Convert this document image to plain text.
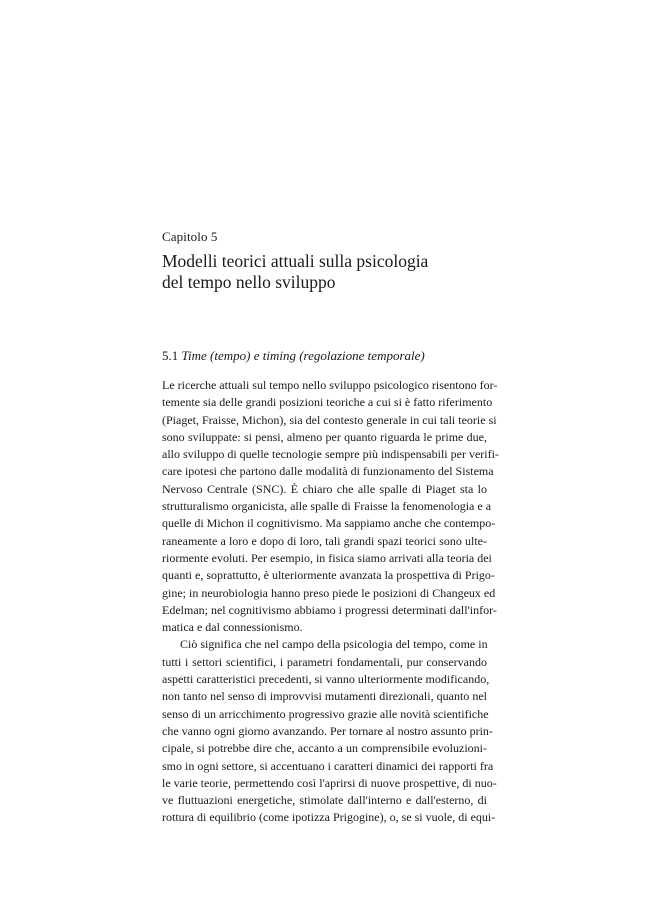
Capitolo 5
Modelli teorici attuali sulla psicologia
del tempo nello sviluppo
5.1 Time (tempo) e timing (regolazione temporale)
Le ricerche attuali sul tempo nello sviluppo psicologico risentono for-
temente sia delle grandi posizioni teoriche a cui si è fatto riferimento
(Piaget, Fraisse, Michon), sia del contesto generale in cui tali teorie si
sono sviluppate: si pensi, almeno per quanto riguarda le prime due,
allo sviluppo di quelle tecnologie sempre più indispensabili per verifi-
care ipotesi che partono dalle modalità di funzionamento del Sistema
Nervoso Centrale (SNC). È chiaro che alle spalle di Piaget sta lo
strutturalismo organicista, alle spalle di Fraisse la fenomenologia e a
quelle di Michon il cognitivismo. Ma sappiamo anche che contempo-
raneamente a loro e dopo di loro, tali grandi spazi teorici sono ulte-
riormente evoluti. Per esempio, in fisica siamo arrivati alla teoria dei
quanti e, soprattutto, è ulteriormente avanzata la prospettiva di Prigo-
gine; in neurobiologia hanno preso piede le posizioni di Changeux ed
Edelman; nel cognitivismo abbiamo i progressi determinati dall'infor-
matica e dal connessionismo.
Ciò significa che nel campo della psicologia del tempo, come in
tutti i settori scientifici, i parametri fondamentali, pur conservando
aspetti caratteristici precedenti, si vanno ulteriormente modificando,
non tanto nel senso di improvvisi mutamenti direzionali, quanto nel
senso di un arricchimento progressivo grazie alle novità scientifiche
che vanno ogni giorno avanzando. Per tornare al nostro assunto prin-
cipale, si potrebbe dire che, accanto a un comprensibile evoluzioni-
smo in ogni settore, si accentuano i caratteri dinamici dei rapporti fra
le varie teorie, permettendo così l'aprirsi di nuove prospettive, di nuo-
ve fluttuazioni energetiche, stimolate dall'interno e dall'esterno, di
rottura di equilibrio (come ipotizza Prigogine), o, se si vuole, di equi-
